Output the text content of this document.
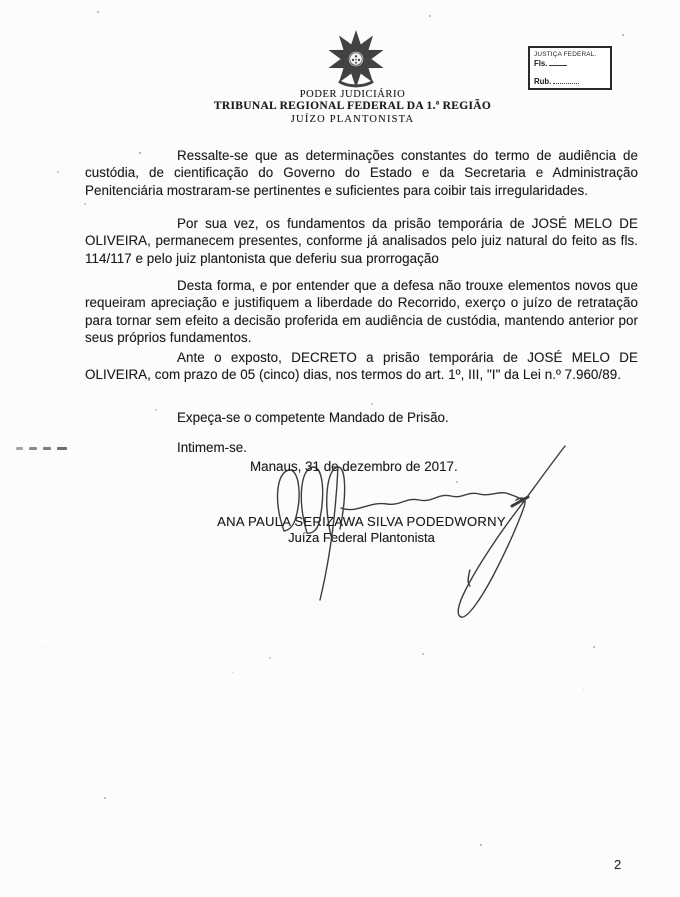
PODER JUDICIÁRIO
TRIBUNAL REGIONAL FEDERAL DA 1.ª REGIÃO
JUÍZO PLANTONISTA
JUSTIÇA FEDERAL.
Fls.
Rub.
Ressalte-se que as determinações constantes do termo de audiência de custódia, de cientificação do Governo do Estado e da Secretaria e Administração Penitenciária mostraram-se pertinentes e suficientes para coibir tais irregularidades.
Por sua vez, os fundamentos da prisão temporária de JOSÉ MELO DE OLIVEIRA, permanecem presentes, conforme já analisados pelo juiz natural do feito as fls. 114/117 e pelo juiz plantonista que deferiu sua prorrogação
Desta forma, e por entender que a defesa não trouxe elementos novos que requeiram apreciação e justifiquem a liberdade do Recorrido, exerço o juízo de retratação para tornar sem efeito a decisão proferida em audiência de custódia, mantendo anterior por seus próprios fundamentos.
Ante o exposto, DECRETO a prisão temporária de JOSÉ MELO DE OLIVEIRA, com prazo de 05 (cinco) dias, nos termos do art. 1º, III, "I" da Lei n.º 7.960/89.
Expeça-se o competente Mandado de Prisão.
Intimem-se.
Manaus, 31 de dezembro de 2017.
ANA PAULA SERIZAWA SILVA PODEDWORNY
Juíza Federal Plantonista
2
